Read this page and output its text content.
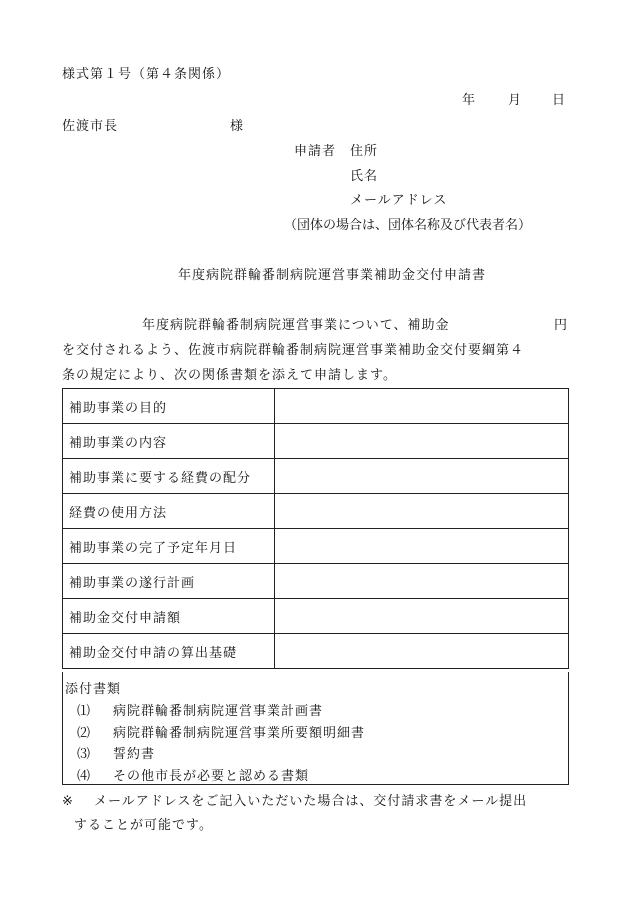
様式第１号（第４条関係）
年	月 日
佐渡市長	様
申請者 住所
氏名
メールアドレス
（団体の場合は、団体名称及び代表者名）
年度病院群輪番制病院運営事業補助金交付申請書
年度病院群輪番制病院運営事業について、補助金	円
を交付されるよう、佐渡市病院群輪番制病院運営事業補助金交付要綱第４
条の規定により、次の関係書類を添えて申請します。
補助事業の目的	
補助事業の内容	
補助事業に要する経費の配分	
経費の使用方法	
補助事業の完了予定年月日	
補助事業の遂行計画	
補助金交付申請額	
補助金交付申請の算出基礎	
添付書類
⑴ 病院群輪番制病院運営事業計画書
⑵ 病院群輪番制病院運営事業所要額明細書
⑶ 誓約書
⑷ その他市長が必要と認める書類
※ メールアドレスをご記入いただいた場合は、交付請求書をメール提出
することが可能です。
